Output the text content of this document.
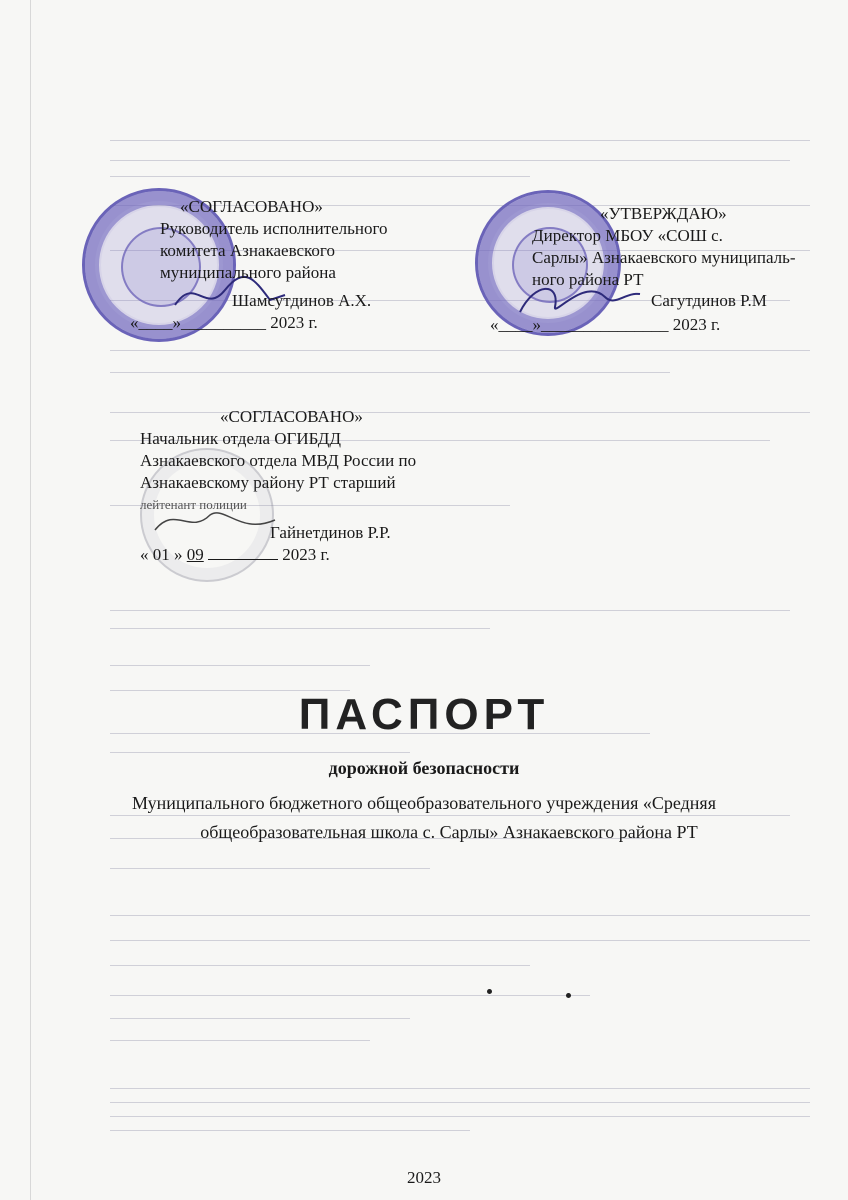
«СОГЛАСОВАНО»
Руководитель исполнительного
комитета Азнакаевского
муниципального района
Шамсутдинов А.Х.
«____»__________ 2023 г.
«УТВЕРЖДАЮ»
Директор МБОУ «СОШ с.
Сарлы» Азнакаевского муниципаль-
ного района РТ
Сагутдинов Р.М
«____»_______________ 2023 г.
«СОГЛАСОВАНО»
Начальник отдела ОГИБДД
Азнакаевского отдела МВД России по
Азнакаевскому району РТ старший
лейтенант полиции
Гайнетдинов Р.Р.
« 01 » 09	2023 г.
ПАСПОРТ
дорожной безопасности
Муниципального бюджетного общеобразовательного учреждения «Средняя
общеобразовательная школа с. Сарлы» Азнакаевского района РТ
2023
